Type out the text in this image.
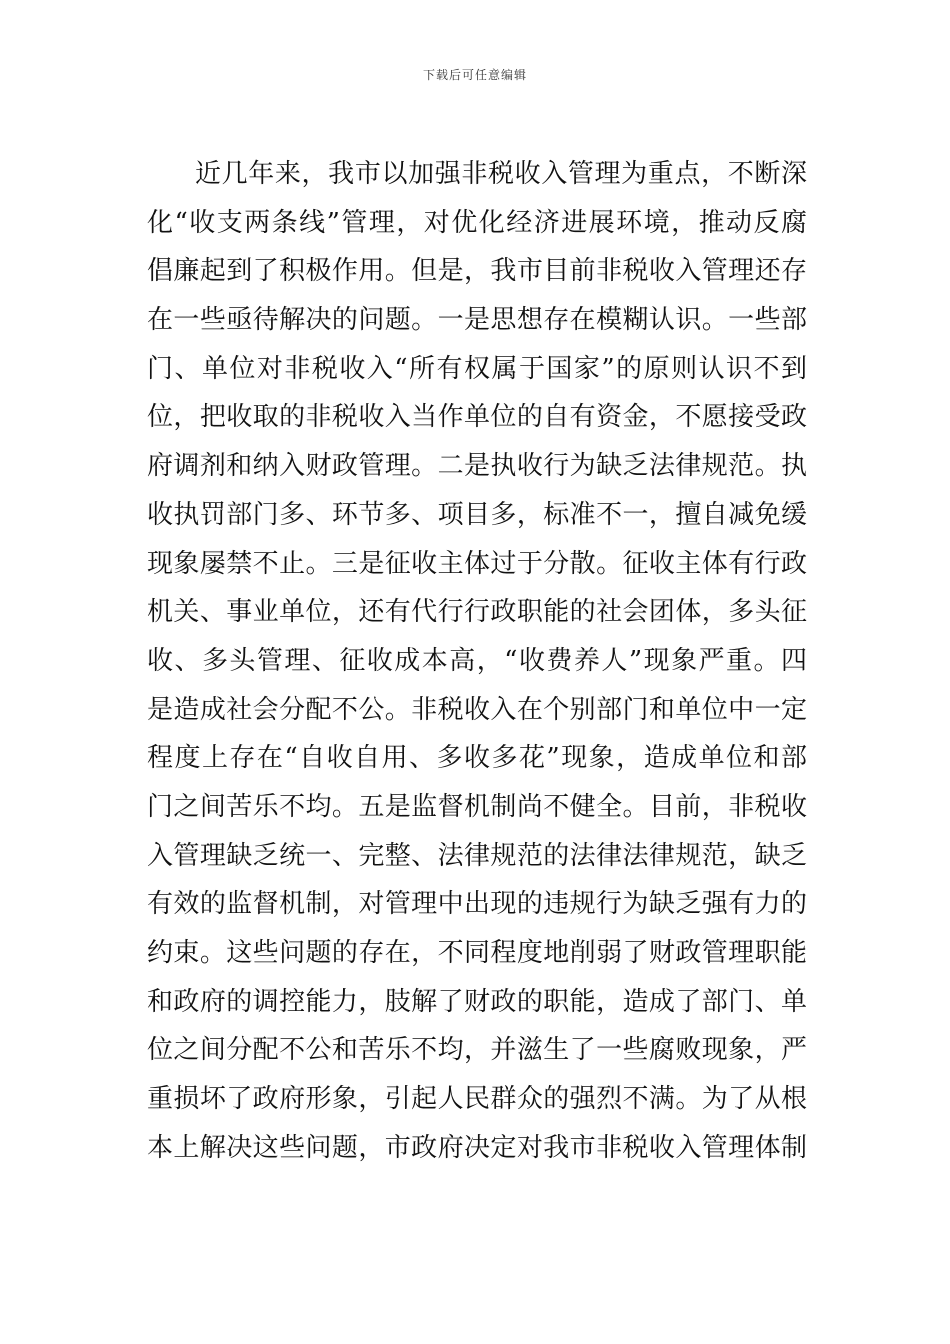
下载后可任意编辑
近几年来，我市以加强非税收入管理为重点，不断深
化“收支两条线”管理，对优化经济进展环境，推动反腐
倡廉起到了积极作用。但是，我市目前非税收入管理还存
在一些亟待解决的问题。一是思想存在模糊认识。一些部
门、单位对非税收入“所有权属于国家”的原则认识不到
位，把收取的非税收入当作单位的自有资金，不愿接受政
府调剂和纳入财政管理。二是执收行为缺乏法律规范。执
收执罚部门多、环节多、项目多，标准不一，擅自减免缓
现象屡禁不止。三是征收主体过于分散。征收主体有行政
机关、事业单位，还有代行行政职能的社会团体，多头征
收、多头管理、征收成本高，“收费养人”现象严重。四
是造成社会分配不公。非税收入在个别部门和单位中一定
程度上存在“自收自用、多收多花”现象，造成单位和部
门之间苦乐不均。五是监督机制尚不健全。目前，非税收
入管理缺乏统一、完整、法律规范的法律法律规范，缺乏
有效的监督机制，对管理中出现的违规行为缺乏强有力的
约束。这些问题的存在，不同程度地削弱了财政管理职能
和政府的调控能力，肢解了财政的职能，造成了部门、单
位之间分配不公和苦乐不均，并滋生了一些腐败现象，严
重损坏了政府形象，引起人民群众的强烈不满。为了从根
本上解决这些问题，市政府决定对我市非税收入管理体制
